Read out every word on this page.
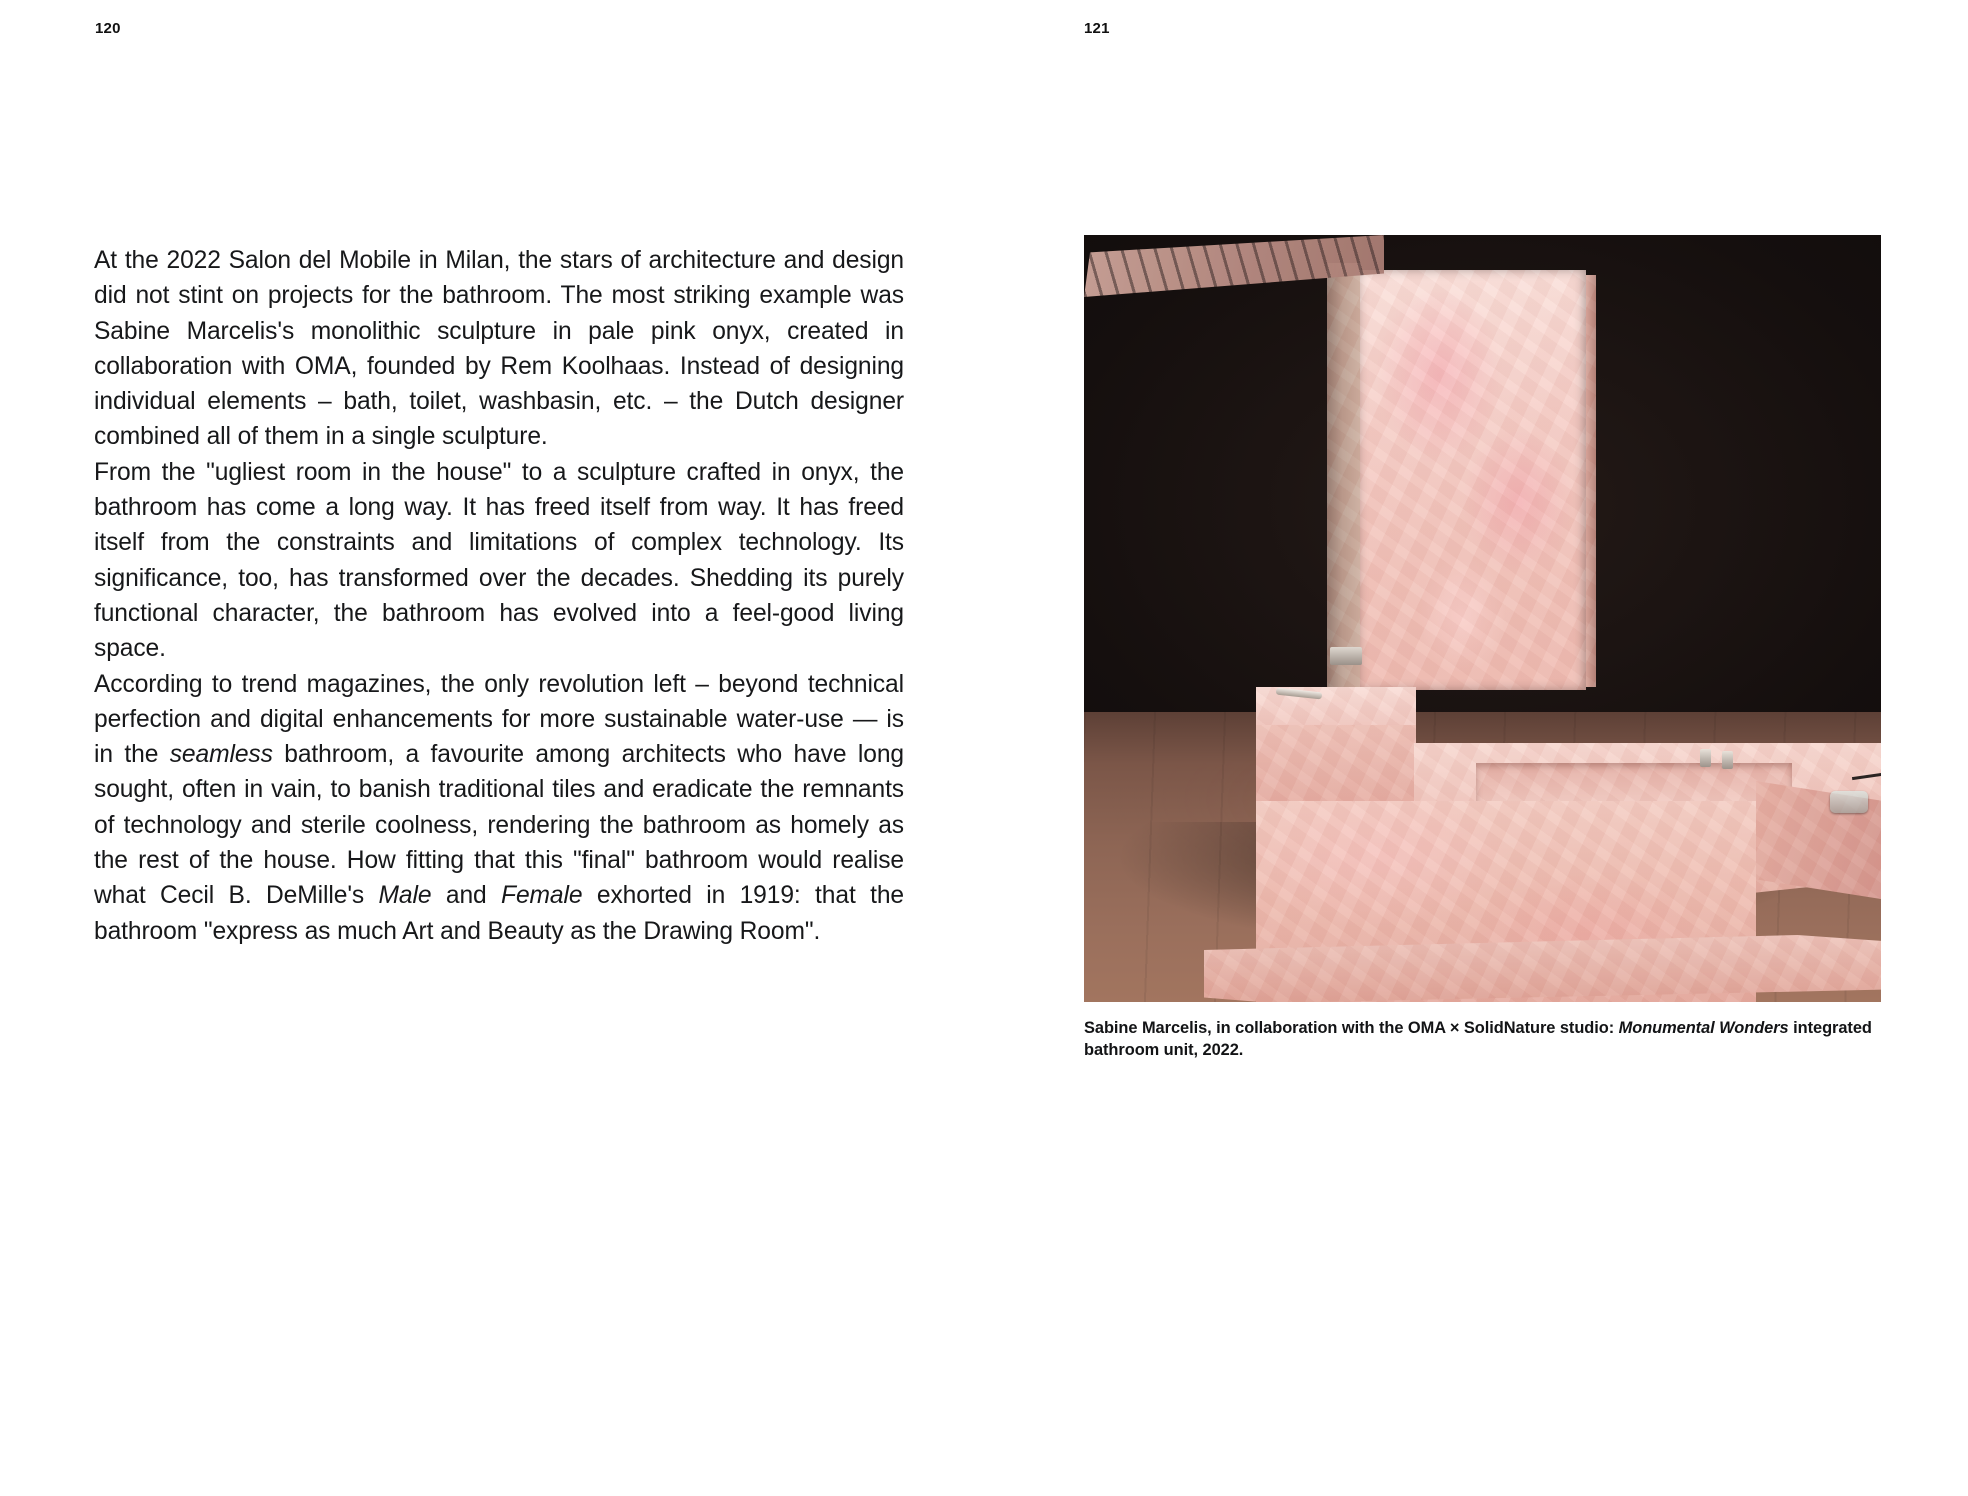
120	121

At the 2022 Salon del Mobile in Milan, the stars of architecture and design did not stint on projects for the bathroom. The most striking example was Sabine Marcelis's monolithic sculpture in pale pink onyx, created in collaboration with OMA, founded by Rem Koolhaas. Instead of designing individual elements – bath, toilet, washbasin, etc. – the Dutch designer combined all of them in a single sculpture.

From the "ugliest room in the house" to a sculpture crafted in onyx, the bathroom has come a long way. It has freed itself from way. It has freed itself from the constraints and limitations of complex technology. Its significance, too, has transformed over the decades. Shedding its purely functional character, the bathroom has evolved into a feel-good living space.

According to trend magazines, the only revolution left – beyond technical perfection and digital enhancements for more sustainable water-use — is in the seamless bathroom, a favourite among architects who have long sought, often in vain, to banish traditional tiles and eradicate the remnants of technology and sterile coolness, rendering the bathroom as homely as the rest of the house. How fitting that this "final" bathroom would realise what Cecil B. DeMille's Male and Female exhorted in 1919: that the bathroom "express as much Art and Beauty as the Drawing Room".

Sabine Marcelis, in collaboration with the OMA × SolidNature studio: Monumental Wonders integrated bathroom unit, 2022.
